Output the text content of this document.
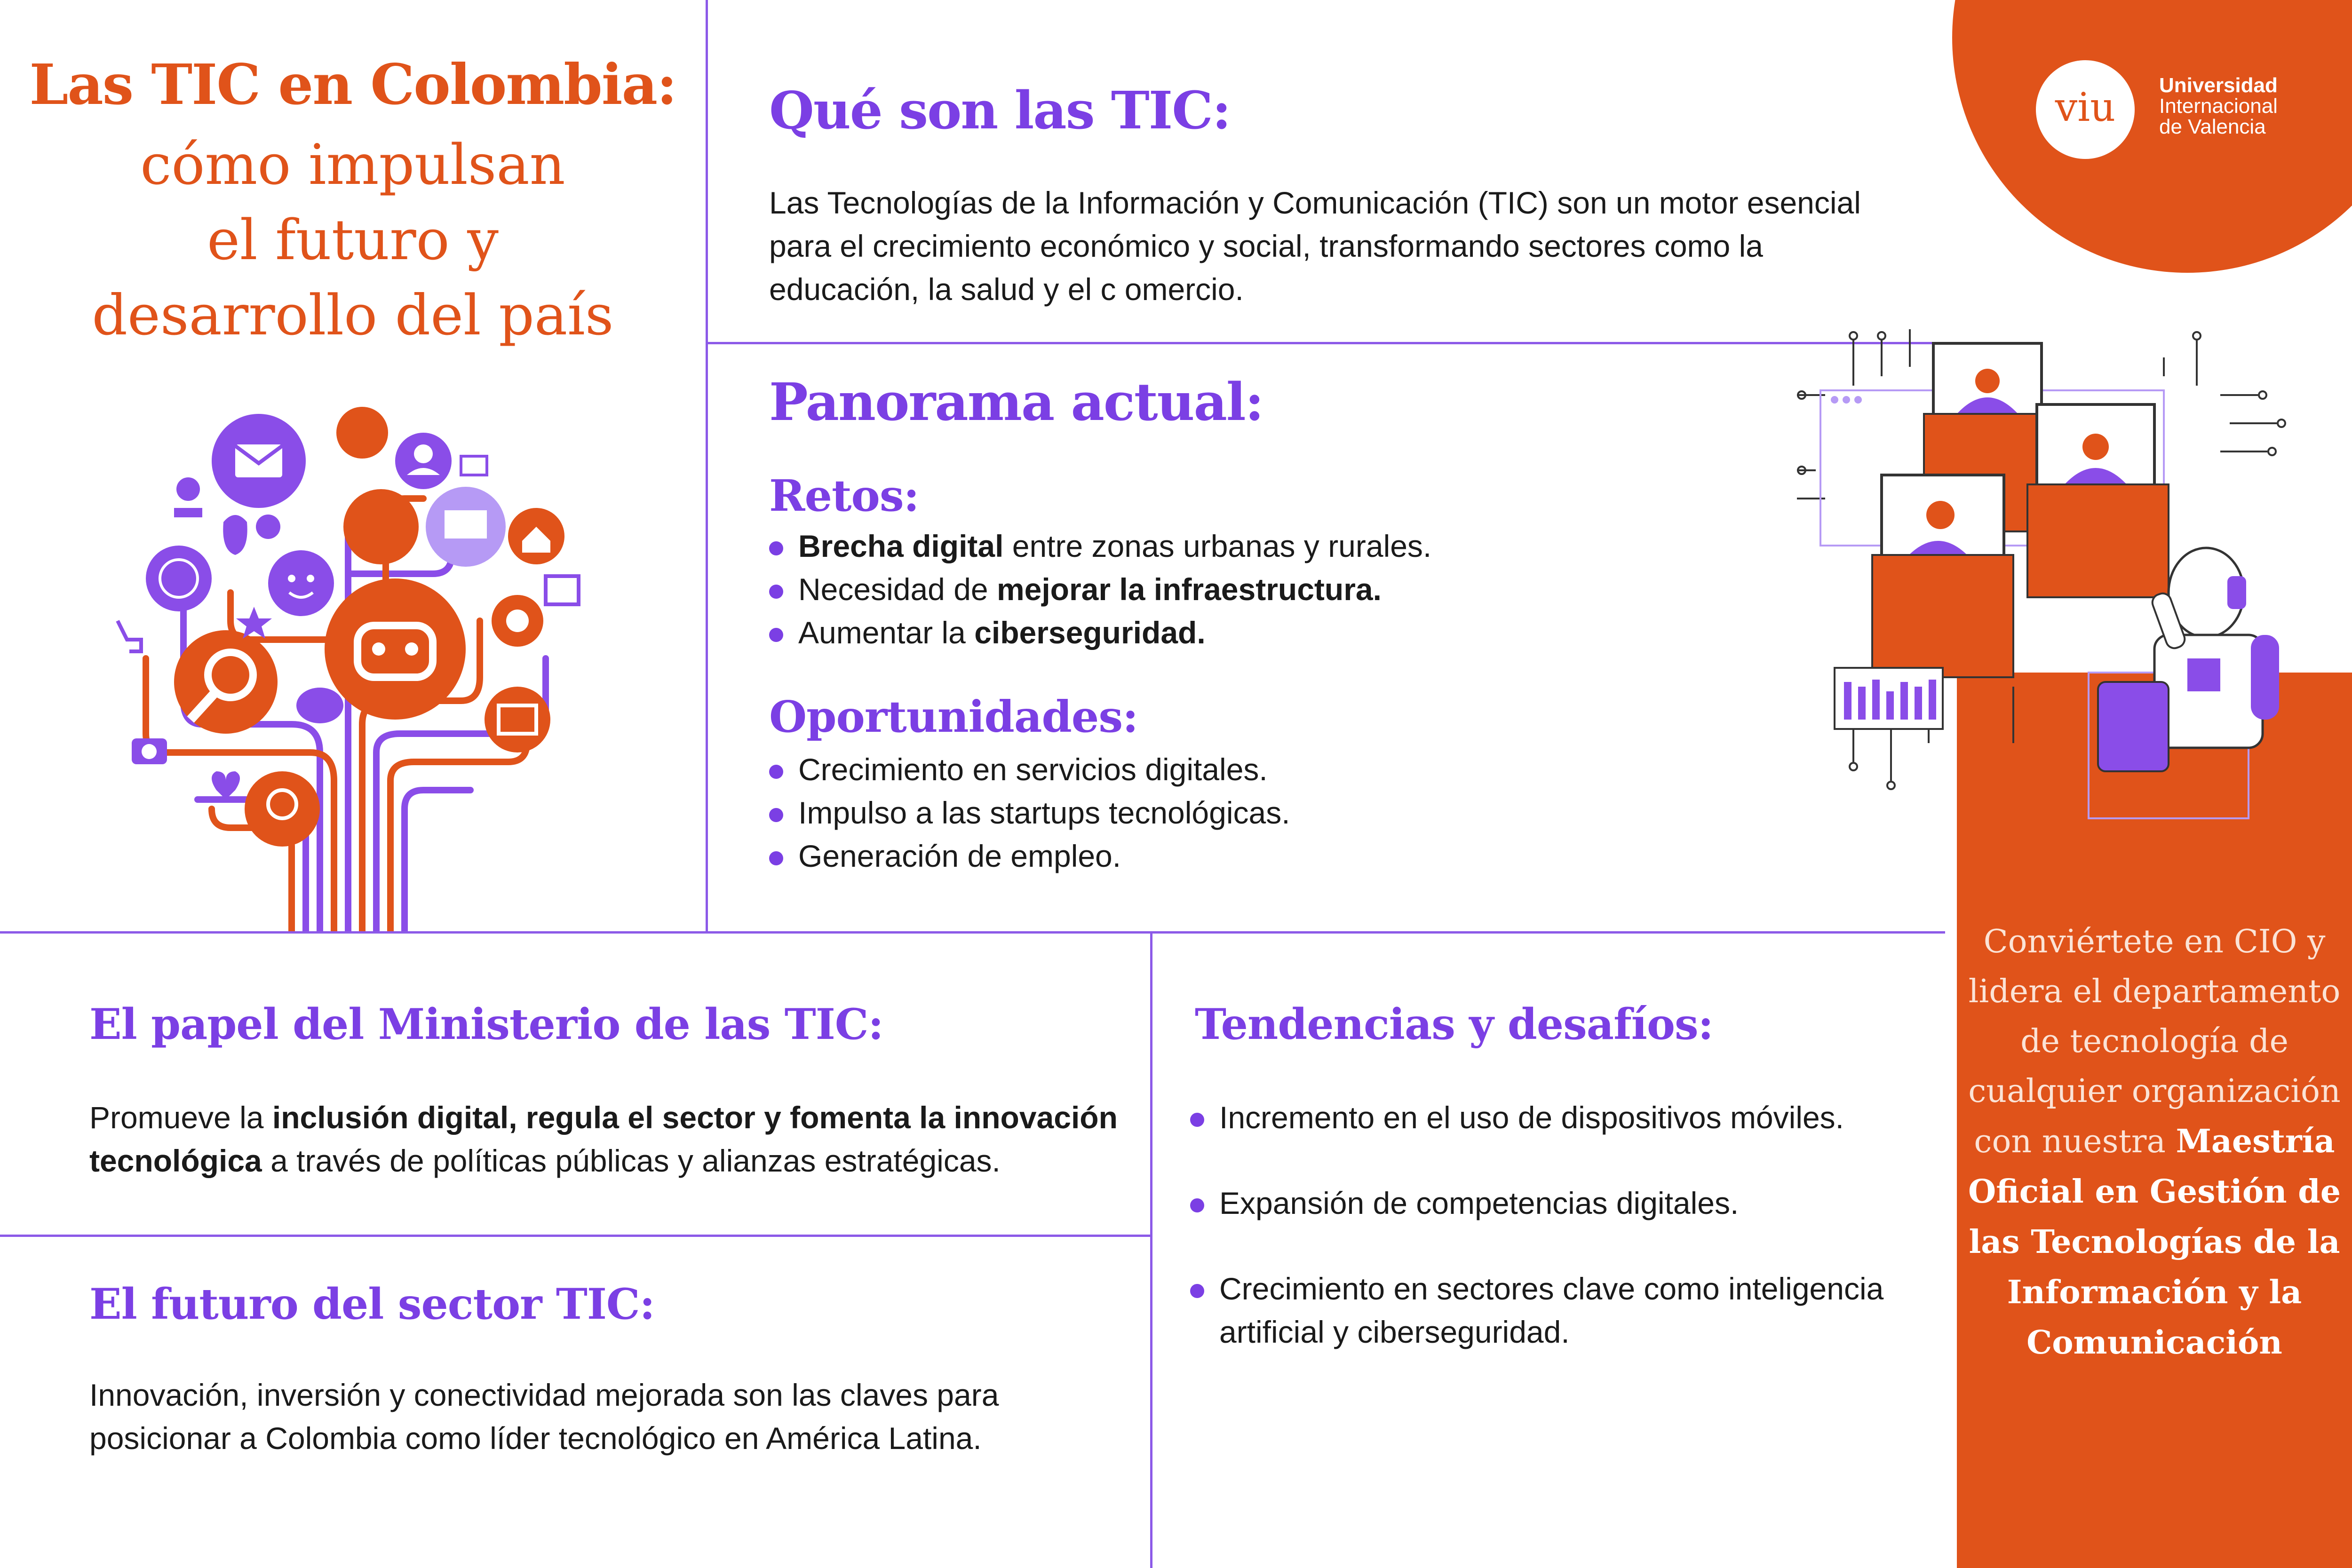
viu	Universidad
Internacional
de Valencia
Las TIC en Colombia:
cómo impulsan
el futuro y
desarrollo del país
Qué son las TIC:
Las Tecnologías de la Información y Comunicación (TIC) son un motor esencial para el crecimiento económico y social, transformando sectores como la educación, la salud y el c omercio.
Panorama actual:
Retos:
Brecha digital entre zonas urbanas y rurales.
Necesidad de mejorar la infraestructura.
Aumentar la ciberseguridad.
Oportunidades:
Crecimiento en servicios digitales.
Impulso a las startups tecnológicas.
Generación de empleo.
El papel del Ministerio de las TIC:
Promueve la inclusión digital, regula el sector y fomenta la innovación tecnológica a través de políticas públicas y alianzas estratégicas.
El futuro del sector TIC:
Innovación, inversión y conectividad mejorada son las claves para posicionar a Colombia como líder tecnológico en América Latina.
Tendencias y desafíos:
Incremento en el uso de dispositivos móviles.
Expansión de competencias digitales.
Crecimiento en sectores clave como inteligencia artificial y ciberseguridad.
Conviértete en CIO y lidera el departamento de tecnología de cualquier organización con nuestra Maestría Oficial en Gestión de las Tecnologías de la Información y la Comunicación
